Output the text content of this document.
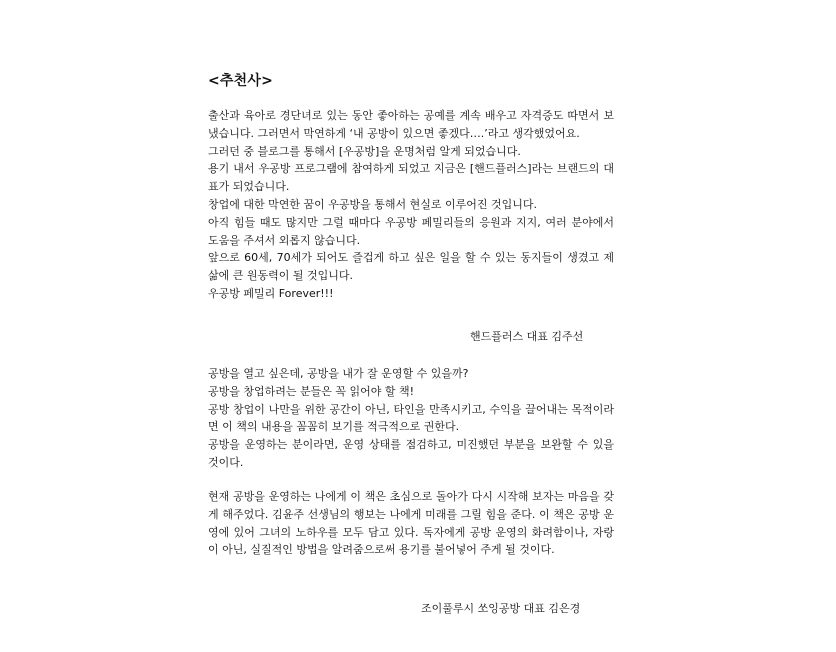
<추천사>

출산과 육아로 경단녀로 있는 동안 좋아하는 공예를 계속 배우고 자격증도 따면서 보냈습니다. 그러면서 막연하게 ‘내 공방이 있으면 좋겠다….’라고 생각했었어요.

그러던 중 블로그를 통해서 [우공방]을 운명처럼 알게 되었습니다.

용기 내서 우공방 프로그램에 참여하게 되었고 지금은 [핸드플러스]라는 브랜드의 대표가 되었습니다.

창업에 대한 막연한 꿈이 우공방을 통해서 현실로 이루어진 것입니다.

아직 힘들 때도 많지만 그럴 때마다 우공방 페밀리들의 응원과 지지, 여러 분야에서 도움을 주셔서 외롭지 않습니다.

앞으로 60세, 70세가 되어도 즐겁게 하고 싶은 일을 할 수 있는 동지들이 생겼고 제 삶에 큰 원동력이 될 것입니다.

우공방 페밀리 Forever!!!

핸드플러스 대표 김주선

공방을 열고 싶은데, 공방을 내가 잘 운영할 수 있을까?

공방을 창업하려는 분들은 꼭 읽어야 할 책!

공방 창업이 나만을 위한 공간이 아닌, 타인을 만족시키고, 수익을 끌어내는 목적이라면 이 책의 내용을 꼼꼼히 보기를 적극적으로 권한다.

공방을 운영하는 분이라면, 운영 상태를 점검하고, 미진했던 부분을 보완할 수 있을 것이다.

현재 공방을 운영하는 나에게 이 책은 초심으로 돌아가 다시 시작해 보자는 마음을 갖게 해주었다. 김윤주 선생님의 행보는 나에게 미래를 그릴 힘을 준다. 이 책은 공방 운영에 있어 그녀의 노하우를 모두 담고 있다. 독자에게 공방 운영의 화려함이나, 자랑이 아닌, 실질적인 방법을 알려줌으로써 용기를 불어넣어 주게 될 것이다.

조이풀루시 쏘잉공방 대표 김은경
